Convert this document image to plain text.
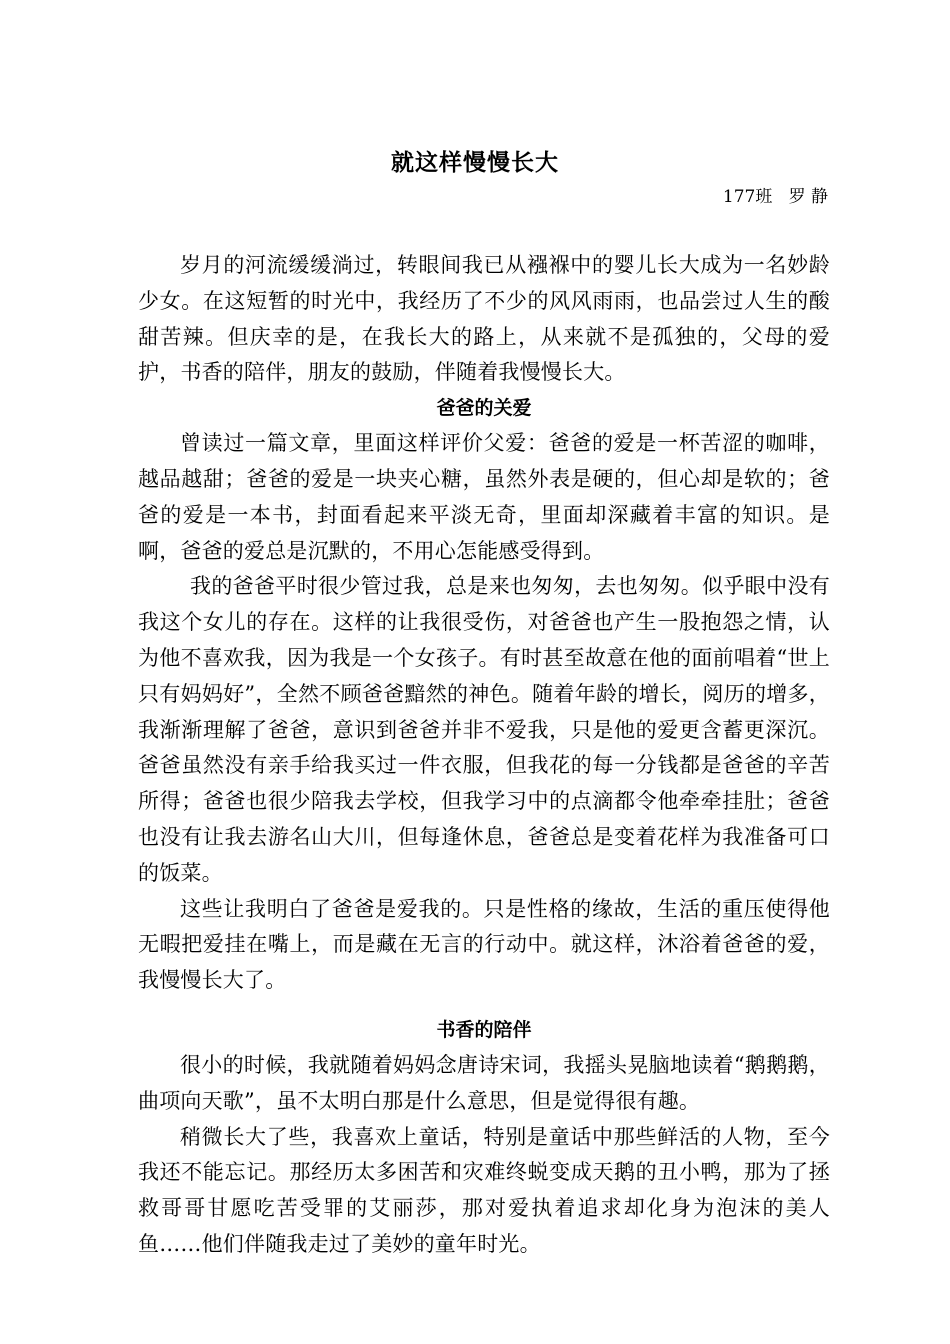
就这样慢慢长大
177班   罗 静

岁月的河流缓缓淌过，转眼间我已从襁褓中的婴儿长大成为一名妙龄少女。在这短暂的时光中，我经历了不少的风风雨雨，也品尝过人生的酸甜苦辣。但庆幸的是，在我长大的路上，从来就不是孤独的，父母的爱护，书香的陪伴，朋友的鼓励，伴随着我慢慢长大。

爸爸的关爱

曾读过一篇文章，里面这样评价父爱：爸爸的爱是一杯苦涩的咖啡，越品越甜；爸爸的爱是一块夹心糖，虽然外表是硬的，但心却是软的；爸爸的爱是一本书，封面看起来平淡无奇，里面却深藏着丰富的知识。是啊，爸爸的爱总是沉默的，不用心怎能感受得到。

我的爸爸平时很少管过我，总是来也匆匆，去也匆匆。似乎眼中没有我这个女儿的存在。这样的让我很受伤，对爸爸也产生一股抱怨之情，认为他不喜欢我，因为我是一个女孩子。有时甚至故意在他的面前唱着“世上只有妈妈好”，全然不顾爸爸黯然的神色。随着年龄的增长，阅历的增多，我渐渐理解了爸爸，意识到爸爸并非不爱我，只是他的爱更含蓄更深沉。爸爸虽然没有亲手给我买过一件衣服，但我花的每一分钱都是爸爸的辛苦所得；爸爸也很少陪我去学校，但我学习中的点滴都令他牵牵挂肚；爸爸也没有让我去游名山大川，但每逢休息，爸爸总是变着花样为我准备可口的饭菜。

这些让我明白了爸爸是爱我的。只是性格的缘故，生活的重压使得他无暇把爱挂在嘴上，而是藏在无言的行动中。就这样，沐浴着爸爸的爱，我慢慢长大了。

书香的陪伴

很小的时候，我就随着妈妈念唐诗宋词，我摇头晃脑地读着“鹅鹅鹅，曲项向天歌”，虽不太明白那是什么意思，但是觉得很有趣。

稍微长大了些，我喜欢上童话，特别是童话中那些鲜活的人物，至今我还不能忘记。那经历太多困苦和灾难终蜕变成天鹅的丑小鸭，那为了拯救哥哥甘愿吃苦受罪的艾丽莎，那对爱执着追求却化身为泡沫的美人鱼……他们伴随我走过了美妙的童年时光。
